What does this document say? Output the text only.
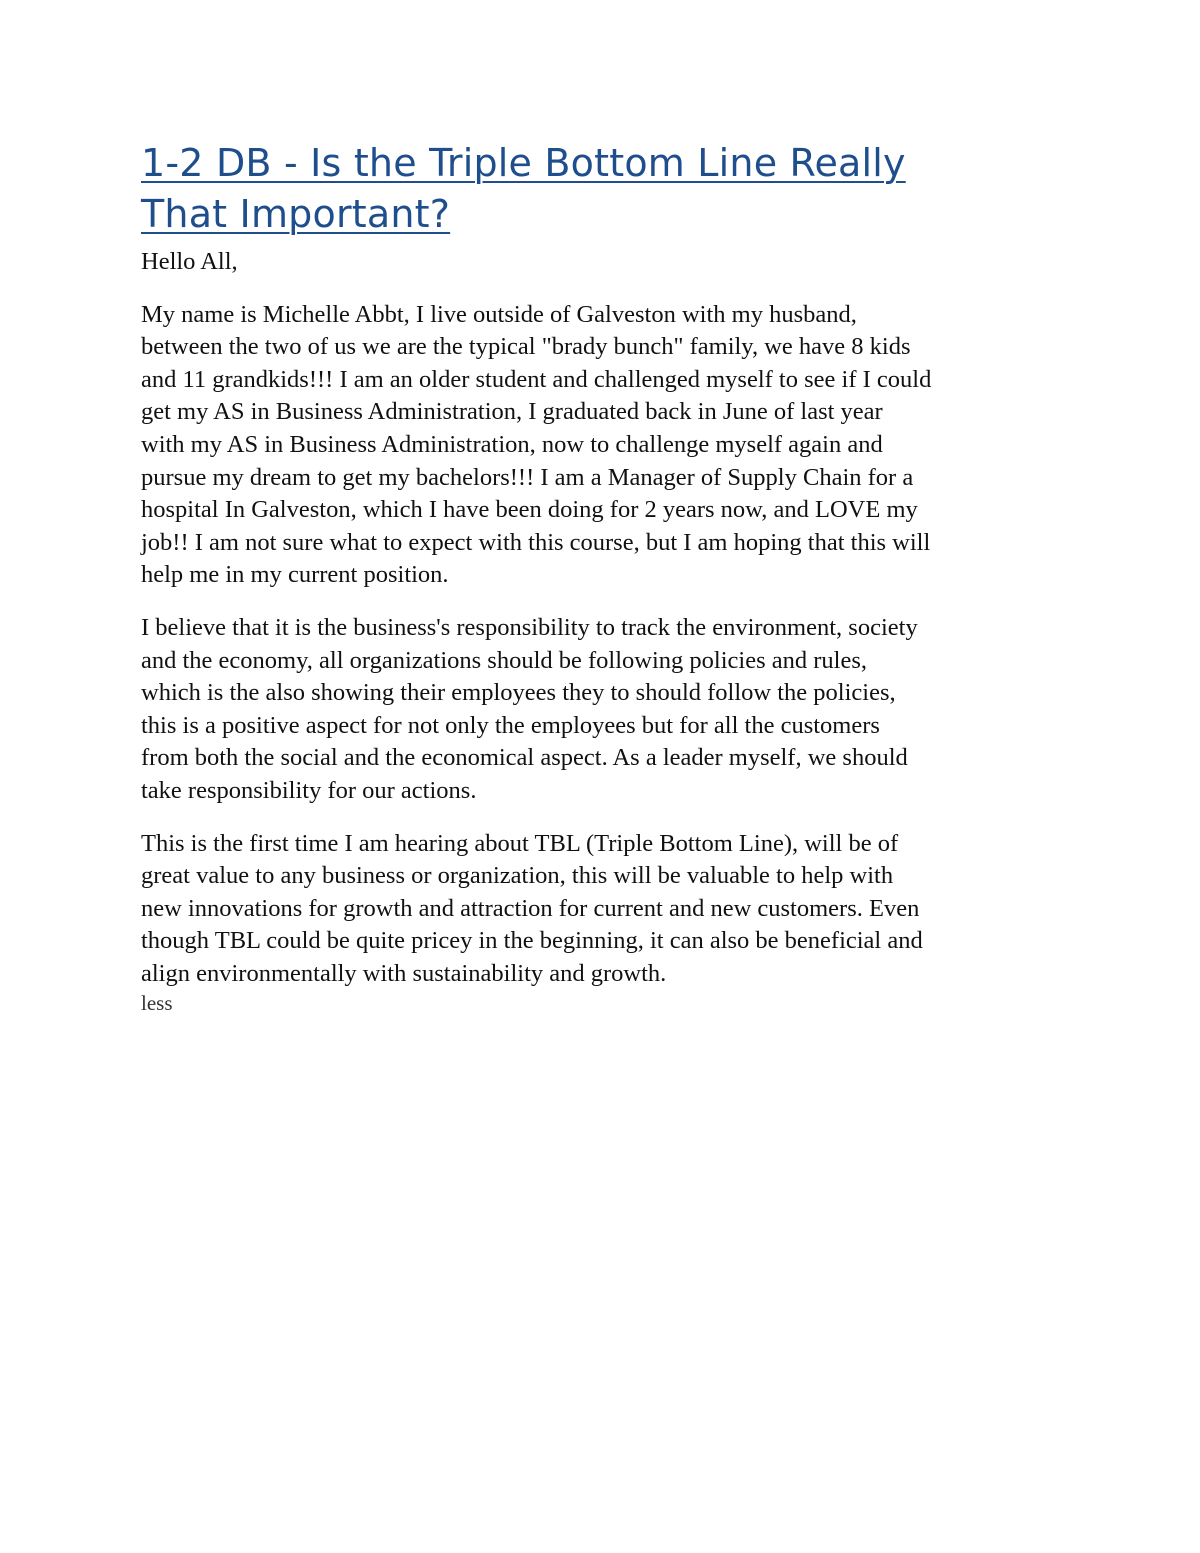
1-2 DB - Is the Triple Bottom Line Really
That Important?

Hello All,

My name is Michelle Abbt, I live outside of Galveston with my husband,
between the two of us we are the typical "brady bunch" family, we have 8 kids
and 11 grandkids!!! I am an older student and challenged myself to see if I could
get my AS in Business Administration, I graduated back in June of last year
with my AS in Business Administration, now to challenge myself again and
pursue my dream to get my bachelors!!! I am a Manager of Supply Chain for a
hospital In Galveston, which I have been doing for 2 years now, and LOVE my
job!! I am not sure what to expect with this course, but I am hoping that this will
help me in my current position.
I believe that it is the business's responsibility to track the environment, society
and the economy, all organizations should be following policies and rules,
which is the also showing their employees they to should follow the policies,
this is a positive aspect for not only the employees but for all the customers
from both the social and the economical aspect. As a leader myself, we should
take responsibility for our actions.
This is the first time I am hearing about TBL (Triple Bottom Line), will be of
great value to any business or organization, this will be valuable to help with
new innovations for growth and attraction for current and new customers. Even
though TBL could be quite pricey in the beginning, it can also be beneficial and
align environmentally with sustainability and growth.

less
